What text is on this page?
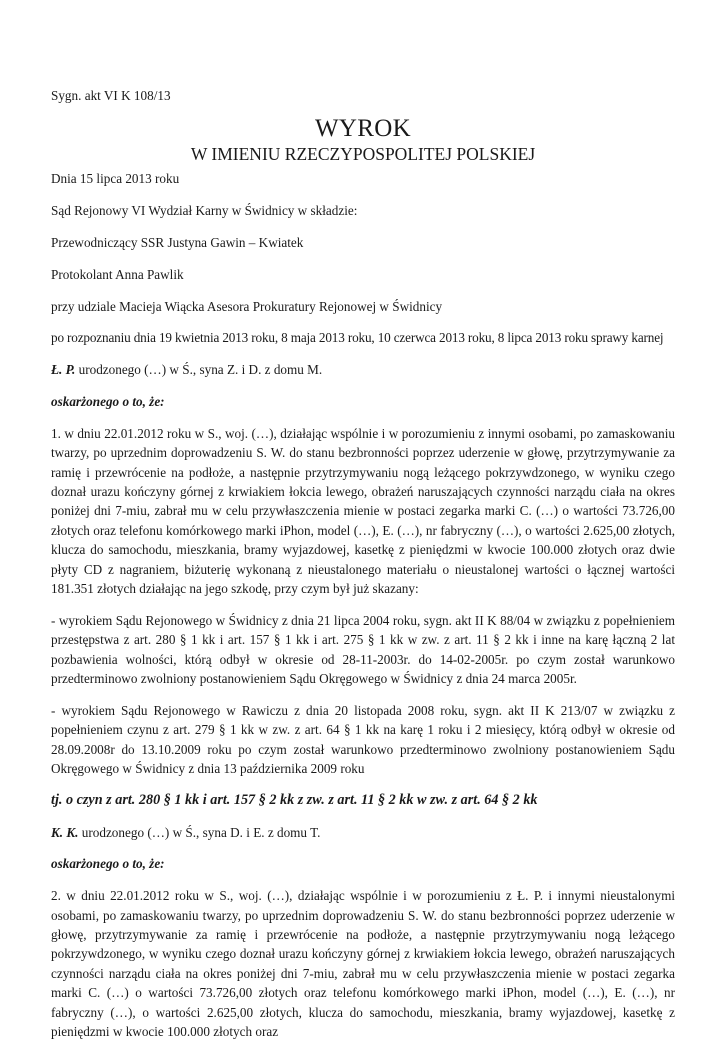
Sygn. akt VI K 108/13

WYROK
W IMIENIU RZECZYPOSPOLITEJ POLSKIEJ

Dnia 15 lipca 2013 roku

Sąd Rejonowy VI Wydział Karny w Świdnicy w składzie:

Przewodniczący SSR Justyna Gawin – Kwiatek

Protokolant Anna Pawlik

przy udziale Macieja Wiącka Asesora Prokuratury Rejonowej w Świdnicy

po rozpoznaniu dnia 19 kwietnia 2013 roku, 8 maja 2013 roku, 10 czerwca 2013 roku, 8 lipca 2013 roku sprawy karnej

Ł. P. urodzonego (…) w Ś., syna Z. i D. z domu M.

oskarżonego o to, że:

1. w dniu 22.01.2012 roku w S., woj. (…), działając wspólnie i w porozumieniu z innymi osobami, po zamaskowaniu twarzy, po uprzednim doprowadzeniu S. W. do stanu bezbronności poprzez uderzenie w głowę, przytrzymywanie za ramię i przewrócenie na podłoże, a następnie przytrzymywaniu nogą leżącego pokrzywdzonego, w wyniku czego doznał urazu kończyny górnej z krwiakiem łokcia lewego, obrażeń naruszających czynności narządu ciała na okres poniżej dni 7-miu, zabrał mu w celu przywłaszczenia mienie w postaci zegarka marki C. (…) o wartości 73.726,00 złotych oraz telefonu komórkowego marki iPhon, model (…), E. (…), nr fabryczny (…), o wartości 2.625,00 złotych, klucza do samochodu, mieszkania, bramy wyjazdowej, kasetkę z pieniędzmi w kwocie 100.000 złotych oraz dwie płyty CD z nagraniem, biżuterię wykonaną z nieustalonego materiału o nieustalonej wartości o łącznej wartości 181.351 złotych działając na jego szkodę, przy czym był już skazany:

- wyrokiem Sądu Rejonowego w Świdnicy z dnia 21 lipca 2004 roku, sygn. akt II K 88/04 w związku z popełnieniem przestępstwa z art. 280 § 1 kk i art. 157 § 1 kk i art. 275 § 1 kk w zw. z art. 11 § 2 kk i inne na karę łączną 2 lat pozbawienia wolności, którą odbył w okresie od 28-11-2003r. do 14-02-2005r. po czym został warunkowo przedterminowo zwolniony postanowieniem Sądu Okręgowego w Świdnicy z dnia 24 marca 2005r.

- wyrokiem Sądu Rejonowego w Rawiczu z dnia 20 listopada 2008 roku, sygn. akt II K 213/07 w związku z popełnieniem czynu z art. 279 § 1 kk w zw. z art. 64 § 1 kk na karę 1 roku i 2 miesięcy, którą odbył w okresie od 28.09.2008r do 13.10.2009 roku po czym został warunkowo przedterminowo zwolniony postanowieniem Sądu Okręgowego w Świdnicy z dnia 13 października 2009 roku

tj. o czyn z art. 280 § 1 kk i art. 157 § 2 kk z zw. z art. 11 § 2 kk w zw. z art. 64 § 2 kk

K. K. urodzonego (…) w Ś., syna D. i E. z domu T.

oskarżonego o to, że:

2. w dniu 22.01.2012 roku w S., woj. (…), działając wspólnie i w porozumieniu z Ł. P. i innymi nieustalonymi osobami, po zamaskowaniu twarzy, po uprzednim doprowadzeniu S. W. do stanu bezbronności poprzez uderzenie w głowę, przytrzymywanie za ramię i przewrócenie na podłoże, a następnie przytrzymywaniu nogą leżącego pokrzywdzonego, w wyniku czego doznał urazu kończyny górnej z krwiakiem łokcia lewego, obrażeń naruszających czynności narządu ciała na okres poniżej dni 7-miu, zabrał mu w celu przywłaszczenia mienie w postaci zegarka marki C. (…) o wartości 73.726,00 złotych oraz telefonu komórkowego marki iPhon, model (…), E. (…), nr fabryczny (…), o wartości 2.625,00 złotych, klucza do samochodu, mieszkania, bramy wyjazdowej, kasetkę z pieniędzmi w kwocie 100.000 złotych oraz
